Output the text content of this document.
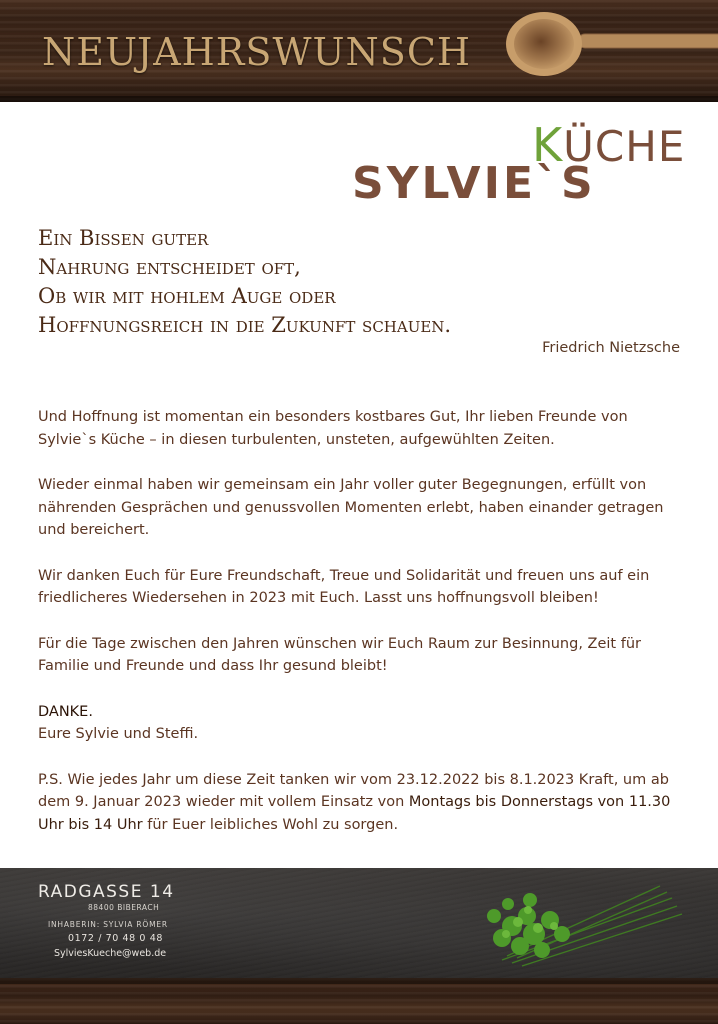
NEUJAHRSWUNSCH
KÜCHE
SYLVIE`S
Ein Bissen guter
Nahrung entscheidet oft,
Ob wir mit hohlem Auge oder
Hoffnungsreich in die Zukunft schauen.

Friedrich Nietzsche

Und Hoffnung ist momentan ein besonders kostbares Gut, Ihr lieben Freunde von Sylvie`s Küche – in diesen turbulenten, unsteten, aufgewühlten Zeiten.

Wieder einmal haben wir gemeinsam ein Jahr voller guter Begegnungen, erfüllt von nährenden Gesprächen und genussvollen Momenten erlebt, haben einander getragen und bereichert.

Wir danken Euch für Eure Freundschaft, Treue und Solidarität und freuen uns auf ein friedlicheres Wiedersehen in 2023 mit Euch. Lasst uns hoffnungsvoll bleiben!

Für die Tage zwischen den Jahren wünschen wir Euch Raum zur Besinnung, Zeit für Familie und Freunde und dass Ihr gesund bleibt!

DANKE.

Eure Sylvie und Steffi.

P.S. Wie jedes Jahr um diese Zeit tanken wir vom 23.12.2022 bis 8.1.2023 Kraft, um ab dem 9. Januar 2023 wieder mit vollem Einsatz von Montags bis Donnerstags von 11.30 Uhr bis 14 Uhr für Euer leibliches Wohl zu sorgen.

RADGASSE 14

88400 BIBERACH

INHABERIN: SYLVIA RÖMER

0172 / 70 48 0 48

SylviesKueche@web.de
